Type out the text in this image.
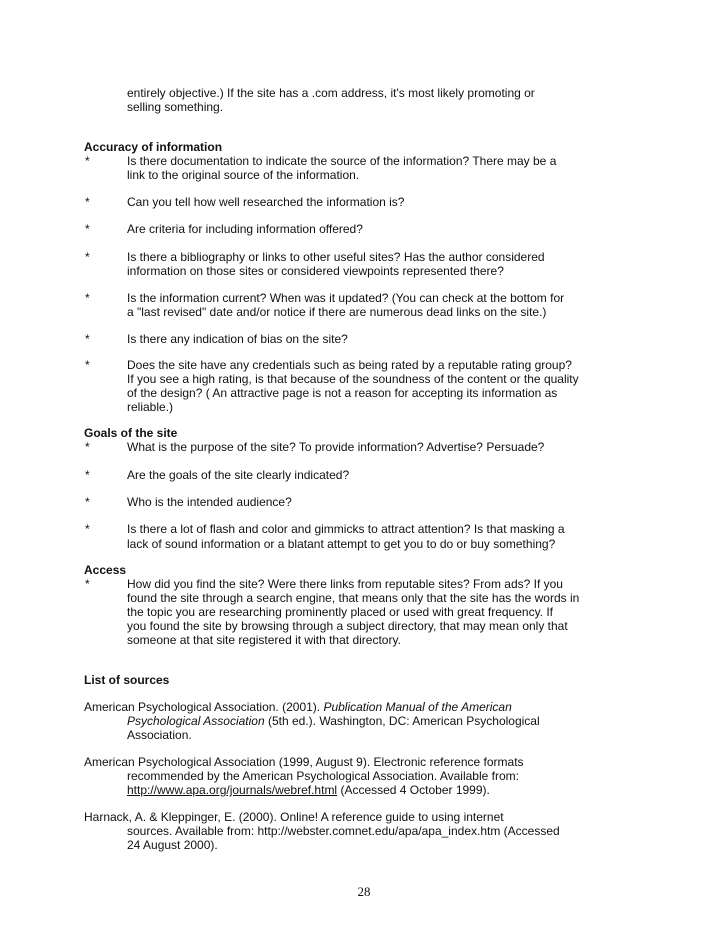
entirely objective.) If the site has a .com address, it's most likely promoting or
selling something.
Accuracy of information
*	Is there documentation to indicate the source of the information? There may be a
link to the original source of the information.
*	Can you tell how well researched the information is?
*	Are criteria for including information offered?
*	Is there a bibliography or links to other useful sites? Has the author considered
information on those sites or considered viewpoints represented there?
*	Is the information current? When was it updated? (You can check at the bottom for
a "last revised" date and/or notice if there are numerous dead links on the site.)
*	Is there any indication of bias on the site?
*	Does the site have any credentials such as being rated by a reputable rating group?
If you see a high rating, is that because of the soundness of the content or the quality
of the design? ( An attractive page is not a reason for accepting its information as
reliable.)
Goals of the site
*	What is the purpose of the site? To provide information? Advertise? Persuade?
*	Are the goals of the site clearly indicated?
*	Who is the intended audience?
*	Is there a lot of flash and color and gimmicks to attract attention? Is that masking a
lack of sound information or a blatant attempt to get you to do or buy something?
Access
*	How did you find the site? Were there links from reputable sites? From ads? If you
found the site through a search engine, that means only that the site has the words in
the topic you are researching prominently placed or used with great frequency. If
you found the site by browsing through a subject directory, that may mean only that
someone at that site registered it with that directory.
List of sources
American Psychological Association. (2001). Publication Manual of the American
Psychological Association (5th ed.). Washington, DC: American Psychological
Association.
American Psychological Association (1999, August 9). Electronic reference formats
recommended by the American Psychological Association. Available from:
http://www.apa.org/journals/webref.html (Accessed 4 October 1999).
Harnack, A. & Kleppinger, E. (2000). Online! A reference guide to using internet
sources. Available from: http://webster.comnet.edu/apa/apa_index.htm (Accessed
24 August 2000).
28
